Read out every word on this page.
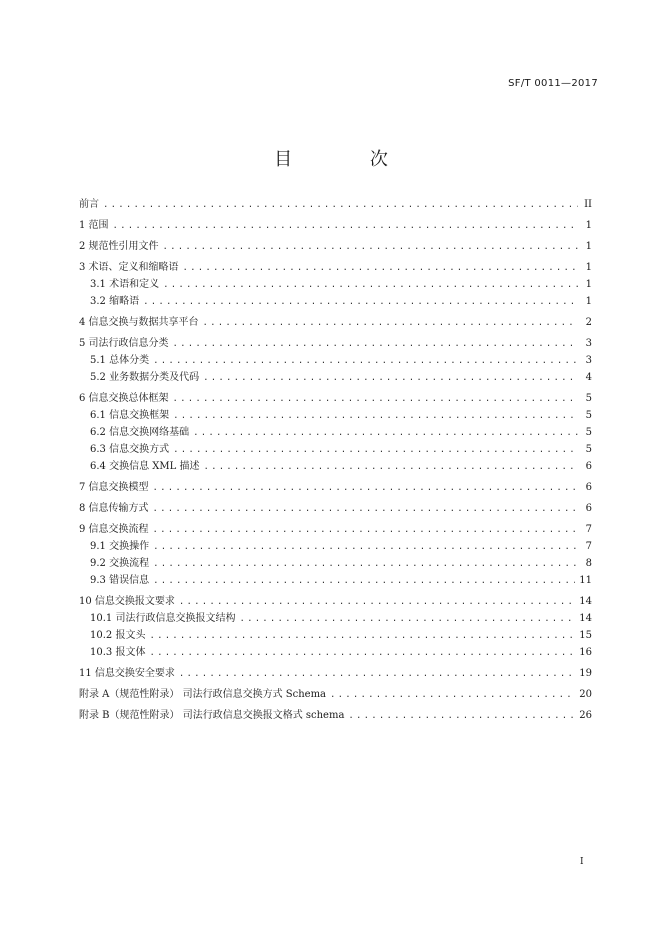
SF/T 0011—2017
目 次
前言 .....	II
1 范围 .....	1
2 规范性引用文件 .....	1
3 术语、定义和缩略语 .....	1
3.1 术语和定义 .....	1
3.2 缩略语 .....	1
4 信息交换与数据共享平台 .....	2
5 司法行政信息分类 .....	3
5.1 总体分类 .....	3
5.2 业务数据分类及代码 .....	4
6 信息交换总体框架 .....	5
6.1 信息交换框架 .....	5
6.2 信息交换网络基础 .....	5
6.3 信息交换方式 .....	5
6.4 交换信息 XML 描述 .....	6
7 信息交换模型 .....	6
8 信息传输方式 .....	6
9 信息交换流程 .....	7
9.1 交换操作 .....	7
9.2 交换流程 .....	8
9.3 错误信息 .....	11
10 信息交换报文要求 .....	14
10.1 司法行政信息交换报文结构 .....	14
10.2 报文头 .....	15
10.3 报文体 .....	16
11 信息交换安全要求 .....	19
附录 A（规范性附录） 司法行政信息交换方式 Schema .....	20
附录 B（规范性附录） 司法行政信息交换报文格式 schema .....	26
I
